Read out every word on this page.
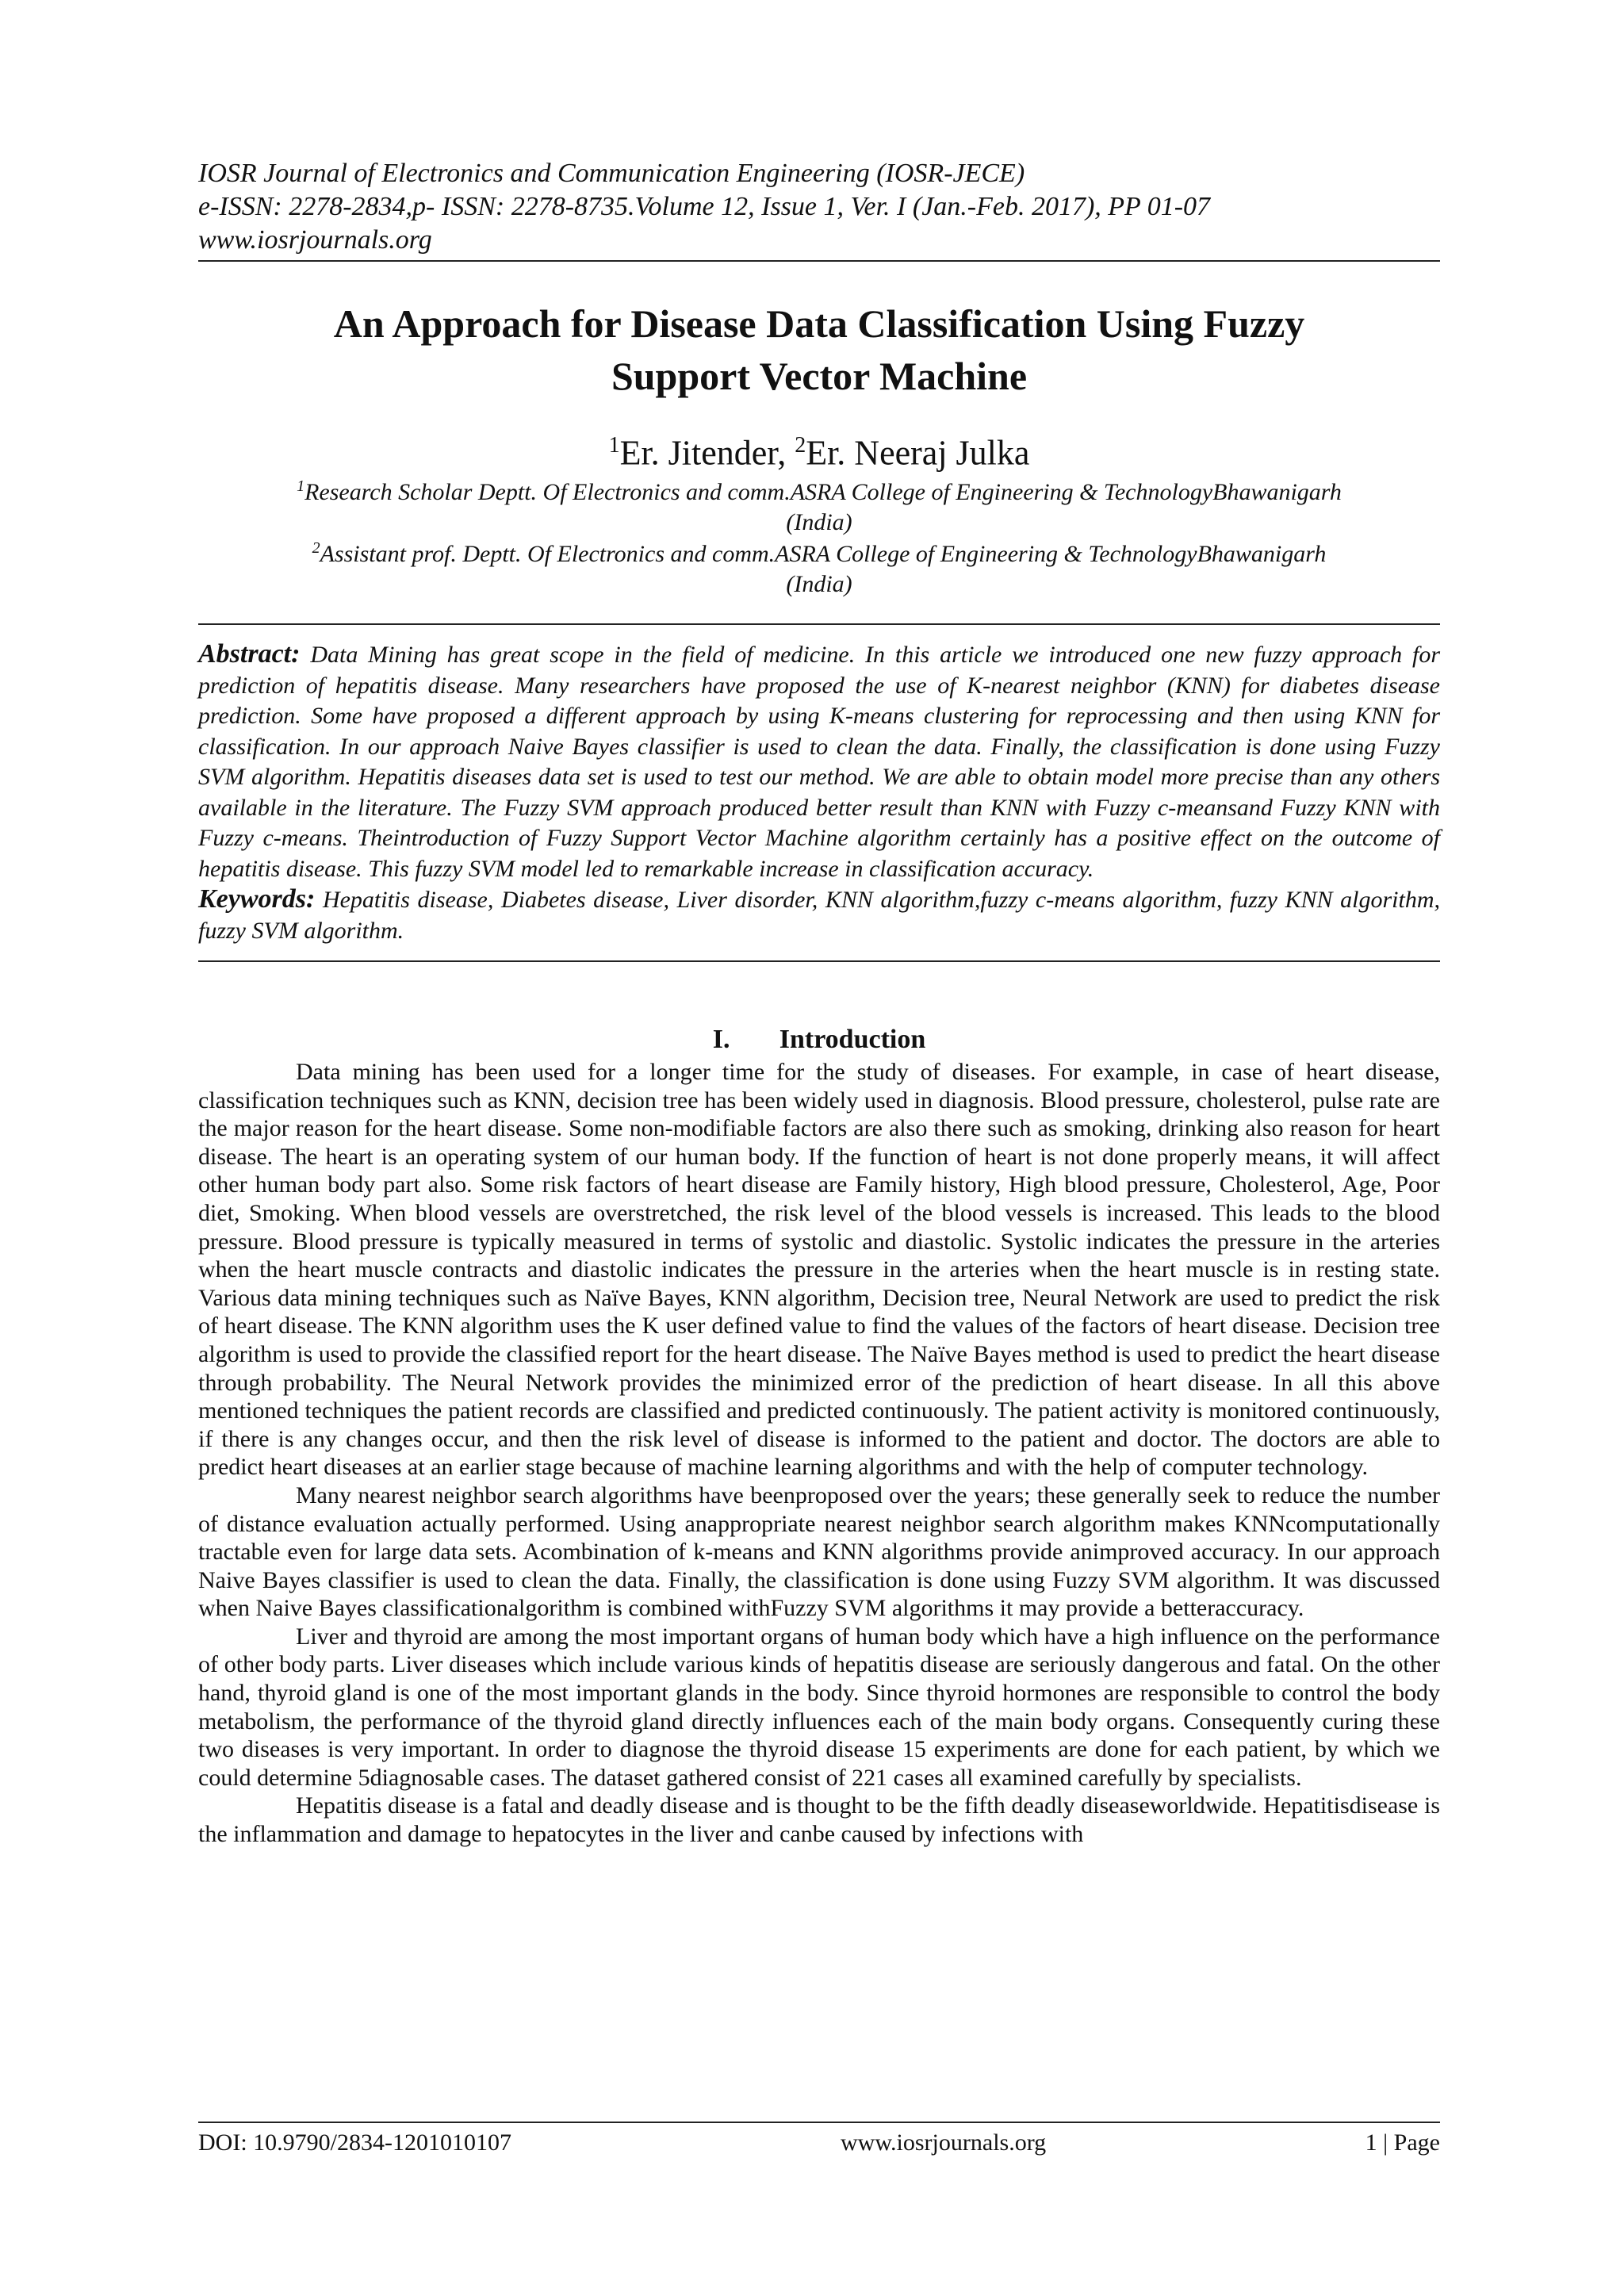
IOSR Journal of Electronics and Communication Engineering (IOSR-JECE)
e-ISSN: 2278-2834,p- ISSN: 2278-8735.Volume 12, Issue 1, Ver. I (Jan.-Feb. 2017), PP 01-07
www.iosrjournals.org
An Approach for Disease Data Classification Using Fuzzy
Support Vector Machine
$^1$Er. Jitender, $^2$Er. Neeraj Julka
$^1$Research Scholar Deptt. Of Electronics and comm.ASRA College of Engineering & TechnologyBhawanigarh
(India)
$^2$Assistant prof. Deptt. Of Electronics and comm.ASRA College of Engineering & TechnologyBhawanigarh
(India)

Abstract: Data Mining has great scope in the field of medicine. In this article we introduced one new fuzzy approach for prediction of hepatitis disease. Many researchers have proposed the use of K-nearest neighbor (KNN) for diabetes disease prediction. Some have proposed a different approach by using K-means clustering for reprocessing and then using KNN for classification. In our approach Naive Bayes classifier is used to clean the data. Finally, the classification is done using Fuzzy SVM algorithm. Hepatitis diseases data set is used to test our method. We are able to obtain model more precise than any others available in the literature. The Fuzzy SVM approach produced better result than KNN with Fuzzy c-meansand Fuzzy KNN with Fuzzy c-means. Theintroduction of Fuzzy Support Vector Machine algorithm certainly has a positive effect on the outcome of hepatitis disease. This fuzzy SVM model led to remarkable increase in classification accuracy.

Keywords: Hepatitis disease, Diabetes disease, Liver disorder, KNN algorithm,fuzzy c-means algorithm, fuzzy KNN algorithm, fuzzy SVM algorithm.

I. Introduction

Data mining has been used for a longer time for the study of diseases. For example, in case of heart disease, classification techniques such as KNN, decision tree has been widely used in diagnosis. Blood pressure, cholesterol, pulse rate are the major reason for the heart disease. Some non-modifiable factors are also there such as smoking, drinking also reason for heart disease. The heart is an operating system of our human body. If the function of heart is not done properly means, it will affect other human body part also. Some risk factors of heart disease are Family history, High blood pressure, Cholesterol, Age, Poor diet, Smoking. When blood vessels are overstretched, the risk level of the blood vessels is increased. This leads to the blood pressure. Blood pressure is typically measured in terms of systolic and diastolic. Systolic indicates the pressure in the arteries when the heart muscle contracts and diastolic indicates the pressure in the arteries when the heart muscle is in resting state. Various data mining techniques such as Naïve Bayes, KNN algorithm, Decision tree, Neural Network are used to predict the risk of heart disease. The KNN algorithm uses the K user defined value to find the values of the factors of heart disease. Decision tree algorithm is used to provide the classified report for the heart disease. The Naïve Bayes method is used to predict the heart disease through probability. The Neural Network provides the minimized error of the prediction of heart disease. In all this above mentioned techniques the patient records are classified and predicted continuously. The patient activity is monitored continuously, if there is any changes occur, and then the risk level of disease is informed to the patient and doctor. The doctors are able to predict heart diseases at an earlier stage because of machine learning algorithms and with the help of computer technology.

Many nearest neighbor search algorithms have beenproposed over the years; these generally seek to reduce the number of distance evaluation actually performed. Using anappropriate nearest neighbor search algorithm makes KNNcomputationally tractable even for large data sets. Acombination of k-means and KNN algorithms provide animproved accuracy. In our approach Naive Bayes classifier is used to clean the data. Finally, the classification is done using Fuzzy SVM algorithm. It was discussed when Naive Bayes classificationalgorithm is combined withFuzzy SVM algorithms it may provide a betteraccuracy.

Liver and thyroid are among the most important organs of human body which have a high influence on the performance of other body parts. Liver diseases which include various kinds of hepatitis disease are seriously dangerous and fatal. On the other hand, thyroid gland is one of the most important glands in the body. Since thyroid hormones are responsible to control the body metabolism, the performance of the thyroid gland directly influences each of the main body organs. Consequently curing these two diseases is very important. In order to diagnose the thyroid disease 15 experiments are done for each patient, by which we could determine 5diagnosable cases. The dataset gathered consist of 221 cases all examined carefully by specialists.

Hepatitis disease is a fatal and deadly disease and is thought to be the fifth deadly diseaseworldwide. Hepatitisdisease is the inflammation and damage to hepatocytes in the liver and canbe caused by infections with

DOI: 10.9790/2834-1201010107	www.iosrjournals.org	1 | Page
